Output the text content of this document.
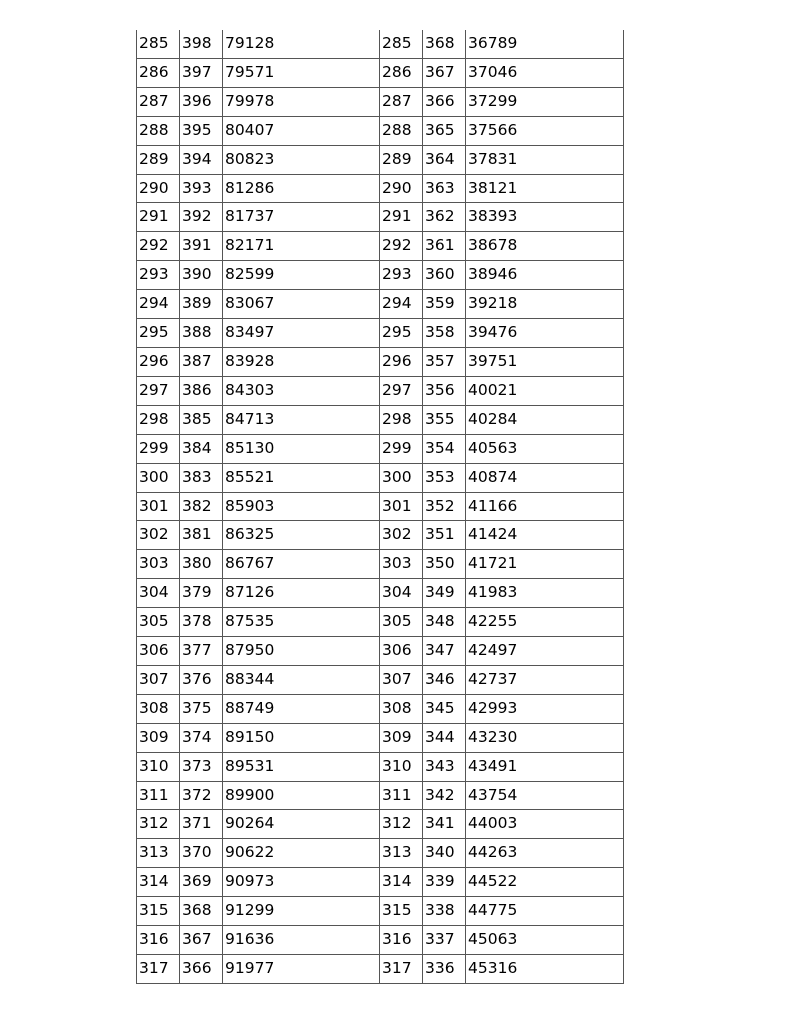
285	398	79128	285	368	36789
286	397	79571	286	367	37046
287	396	79978	287	366	37299
288	395	80407	288	365	37566
289	394	80823	289	364	37831
290	393	81286	290	363	38121
291	392	81737	291	362	38393
292	391	82171	292	361	38678
293	390	82599	293	360	38946
294	389	83067	294	359	39218
295	388	83497	295	358	39476
296	387	83928	296	357	39751
297	386	84303	297	356	40021
298	385	84713	298	355	40284
299	384	85130	299	354	40563
300	383	85521	300	353	40874
301	382	85903	301	352	41166
302	381	86325	302	351	41424
303	380	86767	303	350	41721
304	379	87126	304	349	41983
305	378	87535	305	348	42255
306	377	87950	306	347	42497
307	376	88344	307	346	42737
308	375	88749	308	345	42993
309	374	89150	309	344	43230
310	373	89531	310	343	43491
311	372	89900	311	342	43754
312	371	90264	312	341	44003
313	370	90622	313	340	44263
314	369	90973	314	339	44522
315	368	91299	315	338	44775
316	367	91636	316	337	45063
317	366	91977	317	336	45316
